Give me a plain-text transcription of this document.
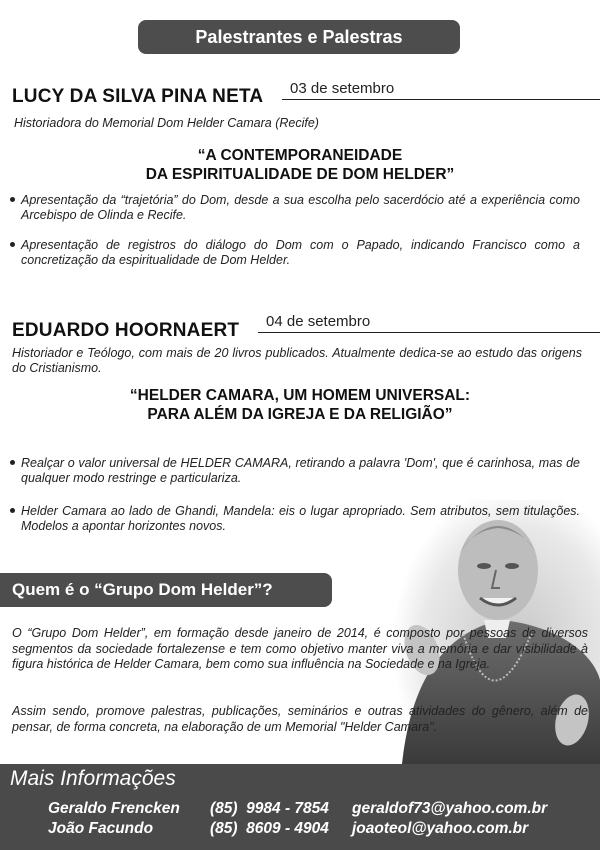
Palestrantes e Palestras
LUCY DA SILVA PINA NETA 03 de setembro
Historiadora do Memorial Dom Helder Camara (Recife)
“A CONTEMPORANEIDADE
DA ESPIRITUALIDADE DE DOM HELDER”
Apresentação da “trajetória” do Dom, desde a sua escolha pelo sacerdócio até a experiência como Arcebispo de Olinda e Recife.
Apresentação de registros do diálogo do Dom com o Papado, indicando Francisco como a concretização da espiritualidade de Dom Helder.
EDUARDO HOORNAERT 04 de setembro
Historiador e Teólogo, com mais de 20 livros publicados. Atualmente dedica-se ao estudo das origens do Cristianismo.
“HELDER CAMARA, UM HOMEM UNIVERSAL:
PARA ALÉM DA IGREJA E DA RELIGIÃO”
Realçar o valor universal de HELDER CAMARA, retirando a palavra 'Dom', que é carinhosa, mas de qualquer modo restringe e particulariza.
Helder Camara ao lado de Ghandi, Mandela: eis o lugar apropriado. Sem atributos, sem titulações. Modelos a apontar horizontes novos.
Quem é o “Grupo Dom Helder”?
O “Grupo Dom Helder”, em formação desde janeiro de 2014, é composto por pessoas de diversos segmentos da sociedade fortalezense e tem como objetivo manter viva a memória e dar visibilidade à figura histórica de Helder Camara, bem como sua influência na Sociedade e na Igreja.
Assim sendo, promove palestras, publicações, seminários e outras atividades do gênero, além de pensar, de forma concreta, na elaboração de um Memorial "Helder Camara".
Mais Informações
Geraldo Frencken (85)  9984 - 7854 geraldof73@yahoo.com.br
João Facundo	(85)  8609 - 4904 joaoteol@yahoo.com.br
